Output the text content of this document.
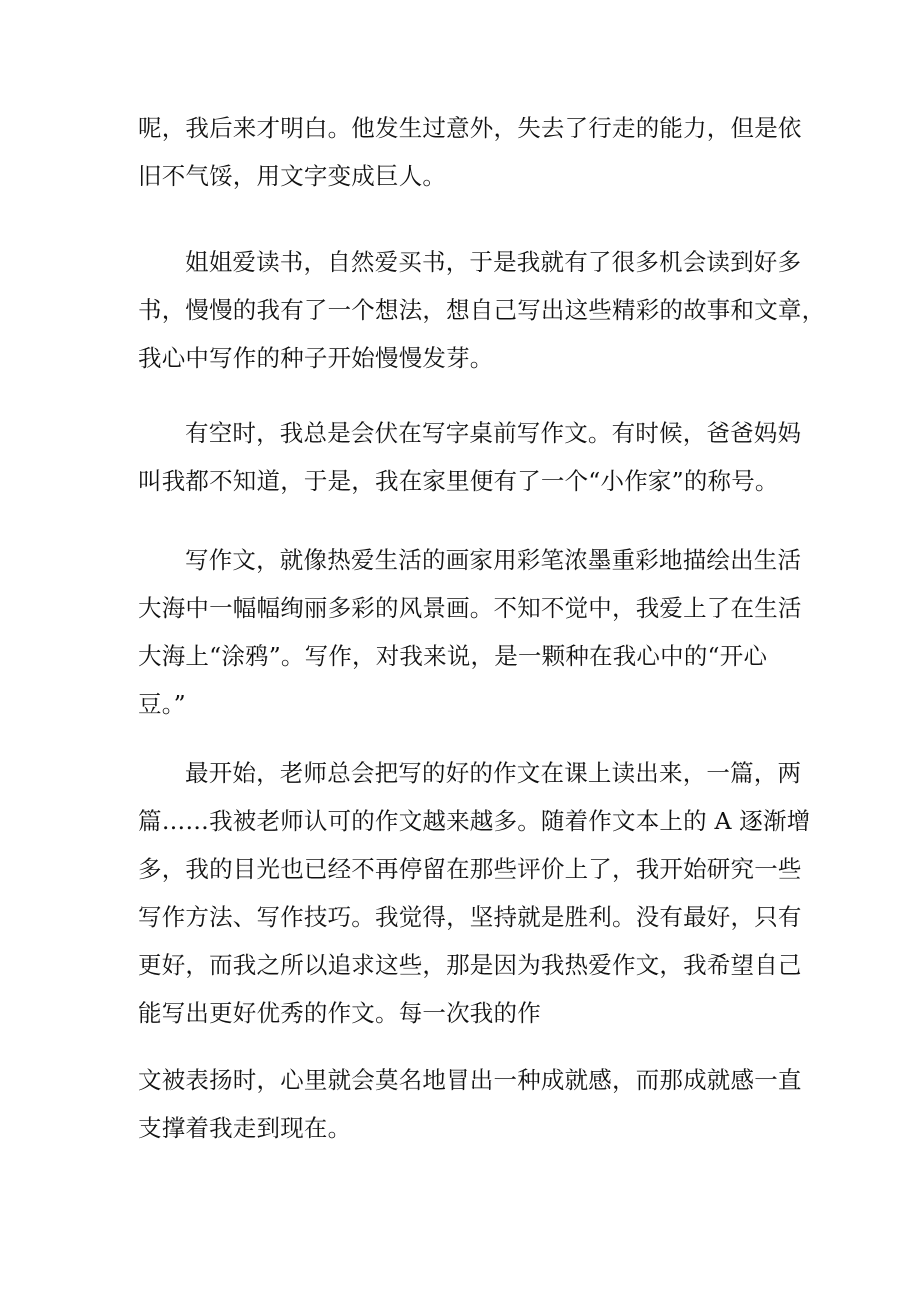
呢，我后来才明白。他发生过意外，失去了行走的能力，但是依
旧不气馁，用文字变成巨人。
姐姐爱读书，自然爱买书，于是我就有了很多机会读到好多
书，慢慢的我有了一个想法，想自己写出这些精彩的故事和文章，
我心中写作的种子开始慢慢发芽。
有空时，我总是会伏在写字桌前写作文。有时候，爸爸妈妈
叫我都不知道，于是，我在家里便有了一个“小作家”的称号。
写作文，就像热爱生活的画家用彩笔浓墨重彩地描绘出生活
大海中一幅幅绚丽多彩的风景画。不知不觉中，我爱上了在生活
大海上“涂鸦”。写作，对我来说，是一颗种在我心中的“开心
豆。”
最开始，老师总会把写的好的作文在课上读出来，一篇，两
篇……我被老师认可的作文越来越多。随着作文本上的 A 逐渐增
多，我的目光也已经不再停留在那些评价上了，我开始研究一些
写作方法、写作技巧。我觉得，坚持就是胜利。没有最好，只有
更好，而我之所以追求这些，那是因为我热爱作文，我希望自己
能写出更好优秀的作文。每一次我的作
文被表扬时，心里就会莫名地冒出一种成就感，而那成就感一直
支撑着我走到现在。
